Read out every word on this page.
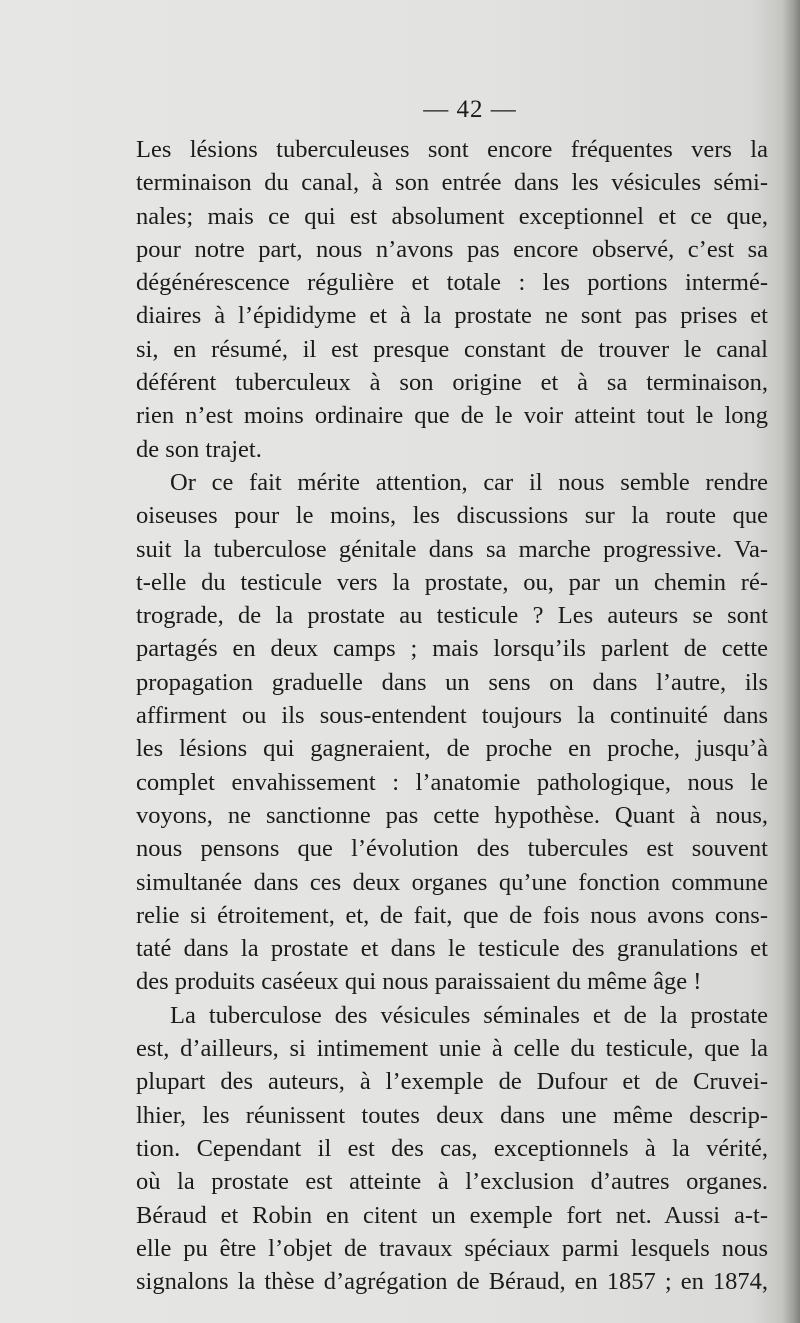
— 42 —
Les lésions tuberculeuses sont encore fréquentes vers la
terminaison du canal, à son entrée dans les vésicules sémi-
nales; mais ce qui est absolument exceptionnel et ce que,
pour notre part, nous n’avons pas encore observé, c’est sa
dégénérescence régulière et totale : les portions intermé-
diaires à l’épididyme et à la prostate ne sont pas prises et
si, en résumé, il est presque constant de trouver le canal
déférent tuberculeux à son origine et à sa terminaison,
rien n’est moins ordinaire que de le voir atteint tout le long
de son trajet.
Or ce fait mérite attention, car il nous semble rendre
oiseuses pour le moins, les discussions sur la route que
suit la tuberculose génitale dans sa marche progressive. Va-
t-elle du testicule vers la prostate, ou, par un chemin ré-
trograde, de la prostate au testicule ? Les auteurs se sont
partagés en deux camps ; mais lorsqu’ils parlent de cette
propagation graduelle dans un sens on dans l’autre, ils
affirment ou ils sous-entendent toujours la continuité dans
les lésions qui gagneraient, de proche en proche, jusqu’à
complet envahissement : l’anatomie pathologique, nous le
voyons, ne sanctionne pas cette hypothèse. Quant à nous,
nous pensons que l’évolution des tubercules est souvent
simultanée dans ces deux organes qu’une fonction commune
relie si étroitement, et, de fait, que de fois nous avons cons-
taté dans la prostate et dans le testicule des granulations et
des produits caséeux qui nous paraissaient du même âge !
La tuberculose des vésicules séminales et de la prostate
est, d’ailleurs, si intimement unie à celle du testicule, que la
plupart des auteurs, à l’exemple de Dufour et de Cruvei-
lhier, les réunissent toutes deux dans une même descrip-
tion. Cependant il est des cas, exceptionnels à la vérité,
où la prostate est atteinte à l’exclusion d’autres organes.
Béraud et Robin en citent un exemple fort net. Aussi a-t-
elle pu être l’objet de travaux spéciaux parmi lesquels nous
signalons la thèse d’agrégation de Béraud, en 1857 ; en 1874,
